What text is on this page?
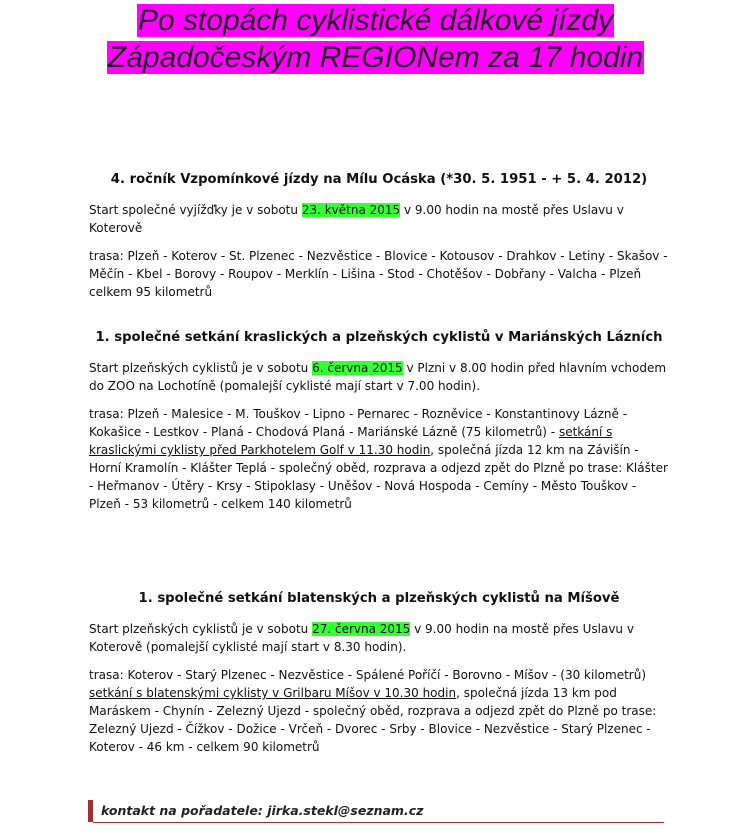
Po stopách cyklistické dálkové jízdy
Západočeským REGIONem za 17 hodin
4. ročník Vzpomínkové jízdy na Mílu Ocáska (*30. 5. 1951 - + 5. 4. 2012)

Start společné vyjížďky je v sobotu 23. května 2015 v 9.00 hodin na mostě přes Uslavu v Koterově

trasa: Plzeň - Koterov - St. Plzenec - Nezvěstice - Blovice - Kotousov - Drahkov - Letiny - Skašov - Měčín - Kbel - Borovy - Roupov - Merklín - Lišina - Stod - Chotěšov - Dobřany - Valcha - Plzeň celkem 95 kilometrů

1. společné setkání kraslických a plzeňských cyklistů v Mariánských Lázních

Start plzeňských cyklistů je v sobotu 6. června 2015 v Plzni v 8.00 hodin před hlavním vchodem do ZOO na Lochotíně (pomalejší cyklisté mají start v 7.00 hodin).

trasa: Plzeň - Malesice - M. Touškov - Lipno - Pernarec - Rozněvice - Konstantinovy Lázně - Kokašice - Lestkov - Planá - Chodová Planá - Mariánské Lázně (75 kilometrů) - setkání s kraslickými cyklisty před Parkhotelem Golf v 11.30 hodin, společná jízda 12 km na Závišín - Horní Kramolín - Klášter Teplá - společný oběd, rozprava a odjezd zpět do Plzně po trase: Klášter - Heřmanov - Útěry - Krsy - Stipoklasy - Uněšov - Nová Hospoda - Cemíny - Město Touškov - Plzeň - 53 kilometrů - celkem 140 kilometrů

1. společné setkání blatenských a plzeňských cyklistů na Míšově

Start plzeňských cyklistů je v sobotu 27. června 2015 v 9.00 hodin na mostě přes Uslavu v Koterově (pomalejší cyklisté mají start v 8.30 hodin).

trasa: Koterov - Starý Plzenec - Nezvěstice - Spálené Poříčí - Borovno - Míšov - (30 kilometrů) setkání s blatenskými cyklisty v Grilbaru Míšov v 10.30 hodin, společná jízda 13 km pod Maráskem - Chynín - Zelezný Ujezd - společný oběd, rozprava a odjezd zpět do Plzně po trase: Zelezný Ujezd - Čížkov - Dožice - Vrčeň - Dvorec - Srby - Blovice - Nezvěstice - Starý Plzenec - Koterov - 46 km - celkem 90 kilometrů

kontakt na pořadatele: jirka.stekl@seznam.cz
